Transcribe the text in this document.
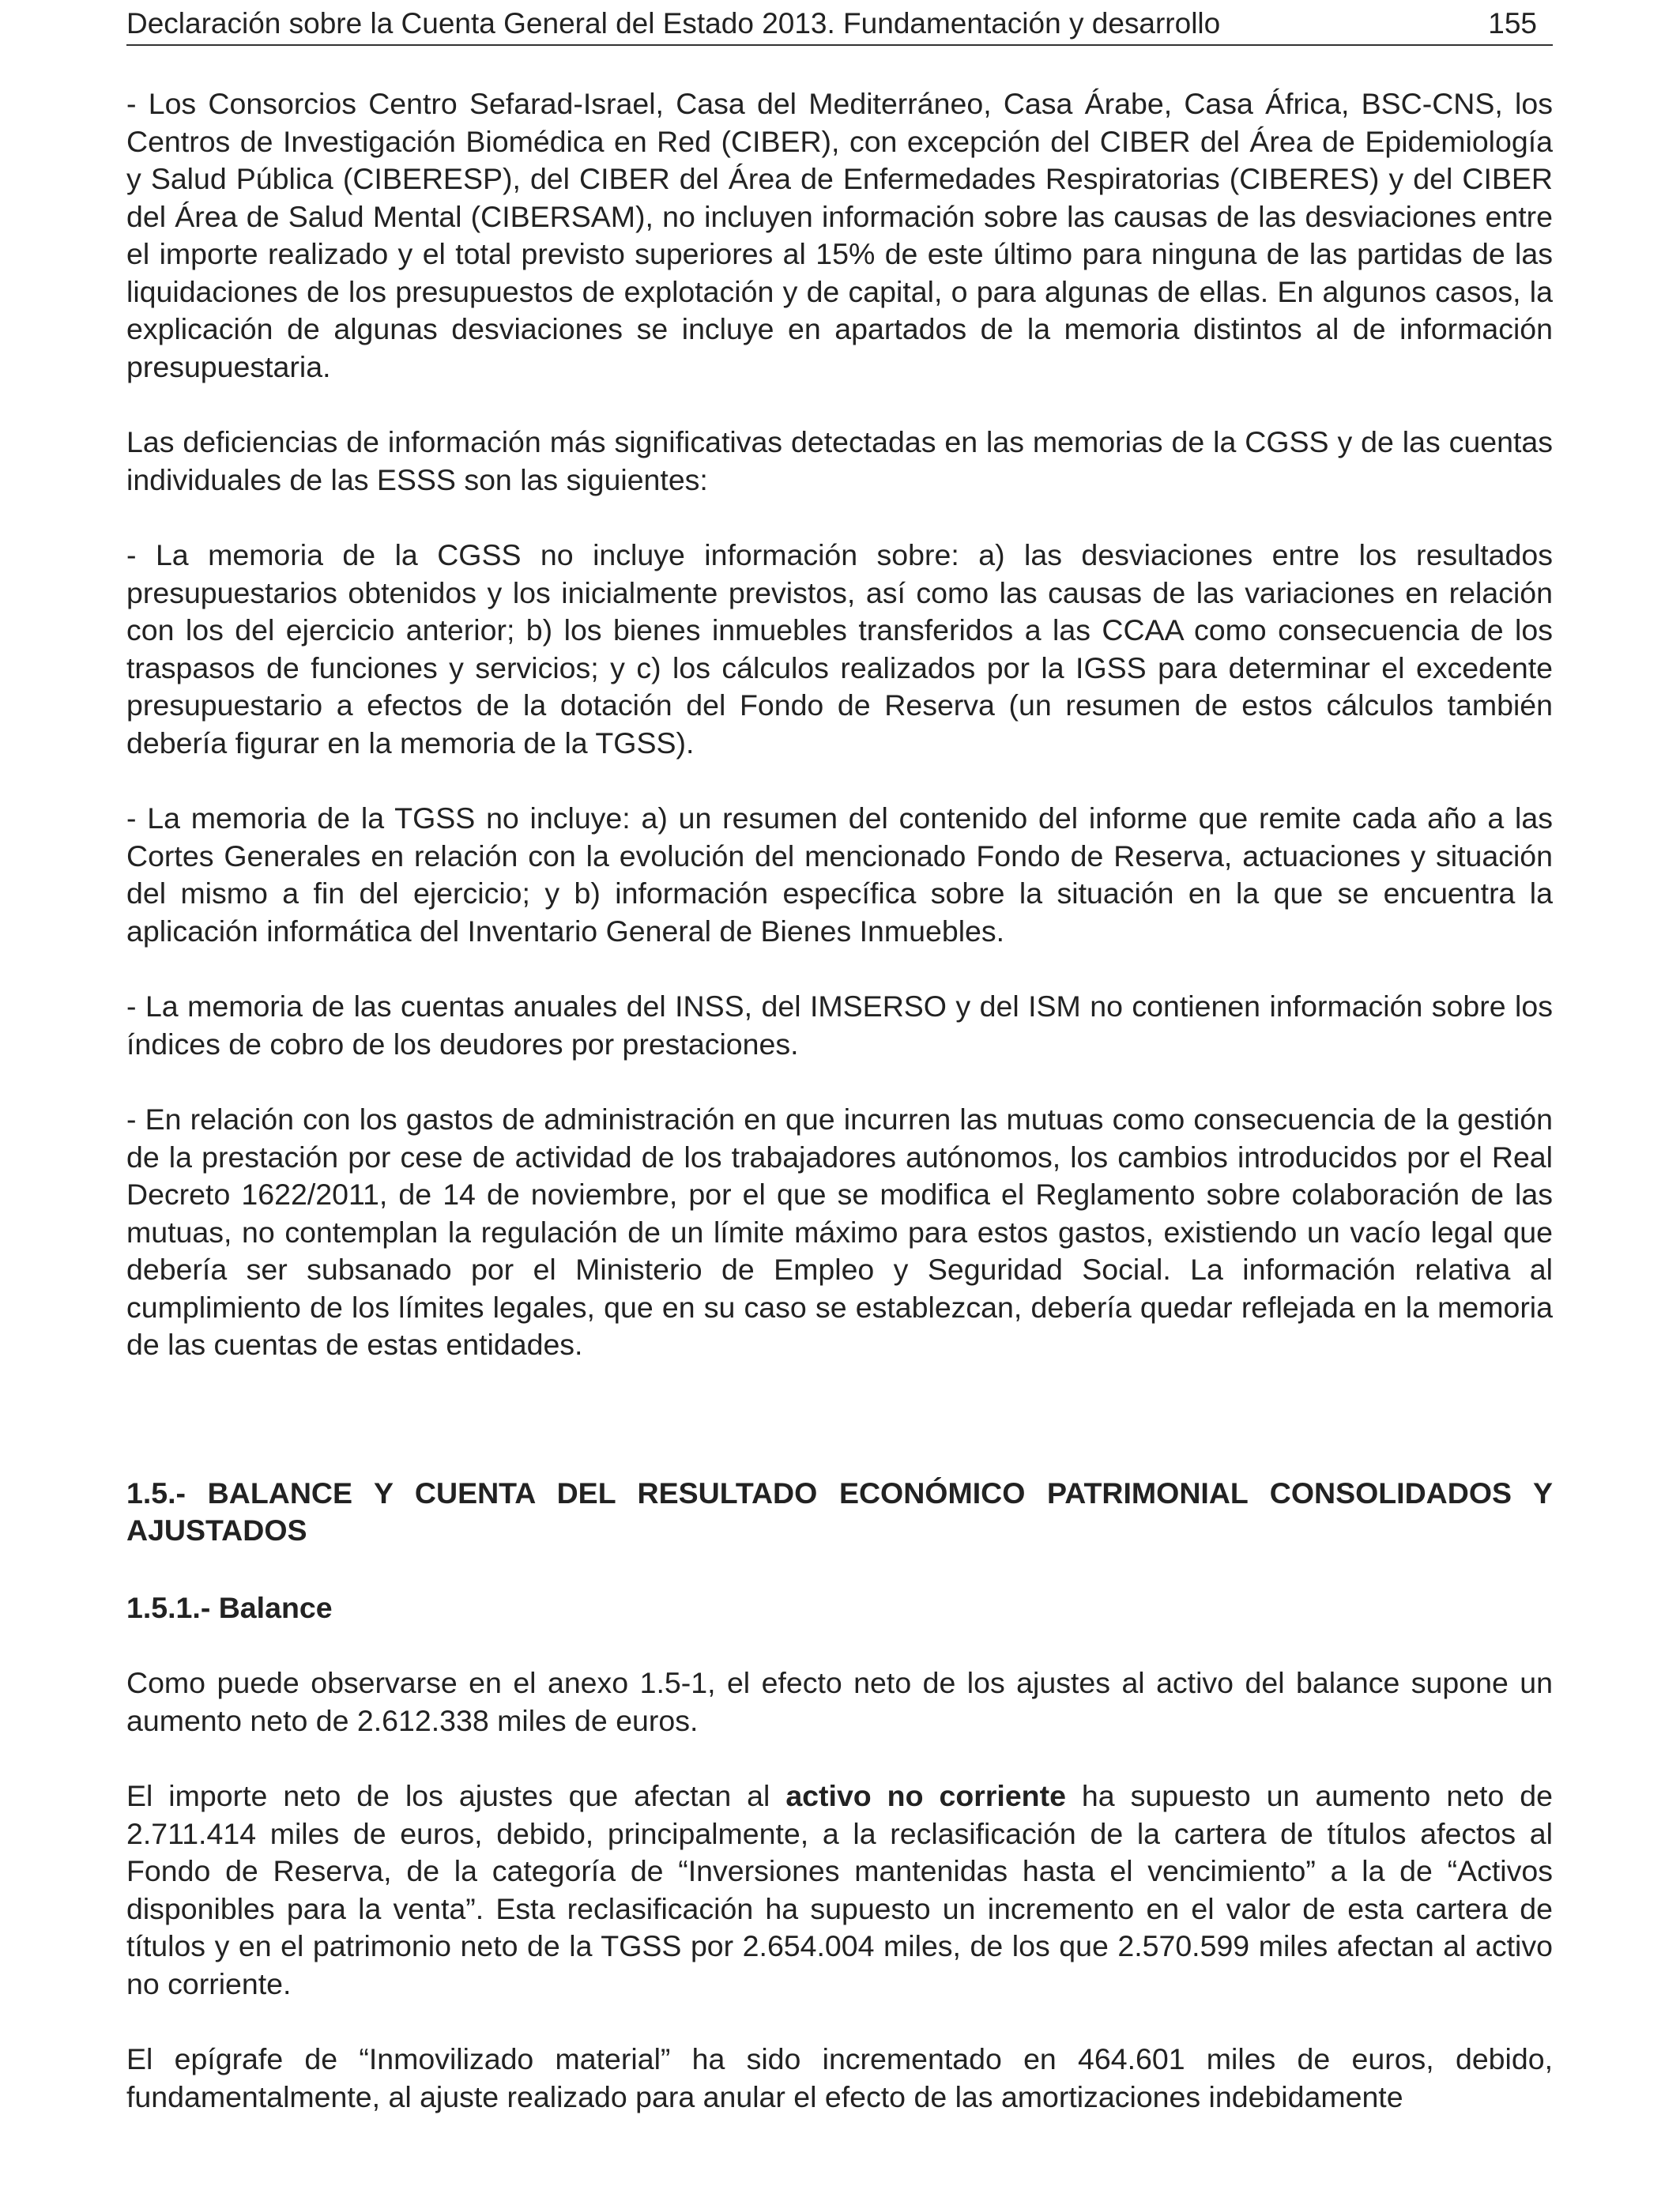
Declaración sobre la Cuenta General del Estado 2013. Fundamentación y desarrollo	155

- Los Consorcios Centro Sefarad-Israel, Casa del Mediterráneo, Casa Árabe, Casa África, BSC-CNS, los Centros de Investigación Biomédica en Red (CIBER), con excepción del CIBER del Área de Epidemiología y Salud Pública (CIBERESP), del CIBER del Área de Enfermedades Respiratorias (CIBERES) y del CIBER del Área de Salud Mental (CIBERSAM), no incluyen información sobre las causas de las desviaciones entre el importe realizado y el total previsto superiores al 15% de este último para ninguna de las partidas de las liquidaciones de los presupuestos de explotación y de capital, o para algunas de ellas. En algunos casos, la explicación de algunas desviaciones se incluye en apartados de la memoria distintos al de información presupuestaria.

Las deficiencias de información más significativas detectadas en las memorias de la CGSS y de las cuentas individuales de las ESSS son las siguientes:

- La memoria de la CGSS no incluye información sobre: a) las desviaciones entre los resultados presupuestarios obtenidos y los inicialmente previstos, así como las causas de las variaciones en relación con los del ejercicio anterior; b) los bienes inmuebles transferidos a las CCAA como consecuencia de los traspasos de funciones y servicios; y c) los cálculos realizados por la IGSS para determinar el excedente presupuestario a efectos de la dotación del Fondo de Reserva (un resumen de estos cálculos también debería figurar en la memoria de la TGSS).

- La memoria de la TGSS no incluye: a) un resumen del contenido del informe que remite cada año a las Cortes Generales en relación con la evolución del mencionado Fondo de Reserva, actuaciones y situación del mismo a fin del ejercicio; y b) información específica sobre la situación en la que se encuentra la aplicación informática del Inventario General de Bienes Inmuebles.

- La memoria de las cuentas anuales del INSS, del IMSERSO y del ISM no contienen información sobre los índices de cobro de los deudores por prestaciones.

- En relación con los gastos de administración en que incurren las mutuas como consecuencia de la gestión de la prestación por cese de actividad de los trabajadores autónomos, los cambios introducidos por el Real Decreto 1622/2011, de 14 de noviembre, por el que se modifica el Reglamento sobre colaboración de las mutuas, no contemplan la regulación de un límite máximo para estos gastos, existiendo un vacío legal que debería ser subsanado por el Ministerio de Empleo y Seguridad Social. La información relativa al cumplimiento de los límites legales, que en su caso se establezcan, debería quedar reflejada en la memoria de las cuentas de estas entidades.

1.5.- BALANCE Y CUENTA DEL RESULTADO ECONÓMICO PATRIMONIAL CONSOLIDADOS Y AJUSTADOS
1.5.1.- Balance

Como puede observarse en el anexo 1.5-1, el efecto neto de los ajustes al activo del balance supone un aumento neto de 2.612.338 miles de euros.

El importe neto de los ajustes que afectan al activo no corriente ha supuesto un aumento neto de 2.711.414 miles de euros, debido, principalmente, a la reclasificación de la cartera de títulos afectos al Fondo de Reserva, de la categoría de “Inversiones mantenidas hasta el vencimiento” a la de “Activos disponibles para la venta”. Esta reclasificación ha supuesto un incremento en el valor de esta cartera de títulos y en el patrimonio neto de la TGSS por 2.654.004 miles, de los que 2.570.599 miles afectan al activo no corriente.

El epígrafe de “Inmovilizado material” ha sido incrementado en 464.601 miles de euros, debido, fundamentalmente, al ajuste realizado para anular el efecto de las amortizaciones indebidamente
